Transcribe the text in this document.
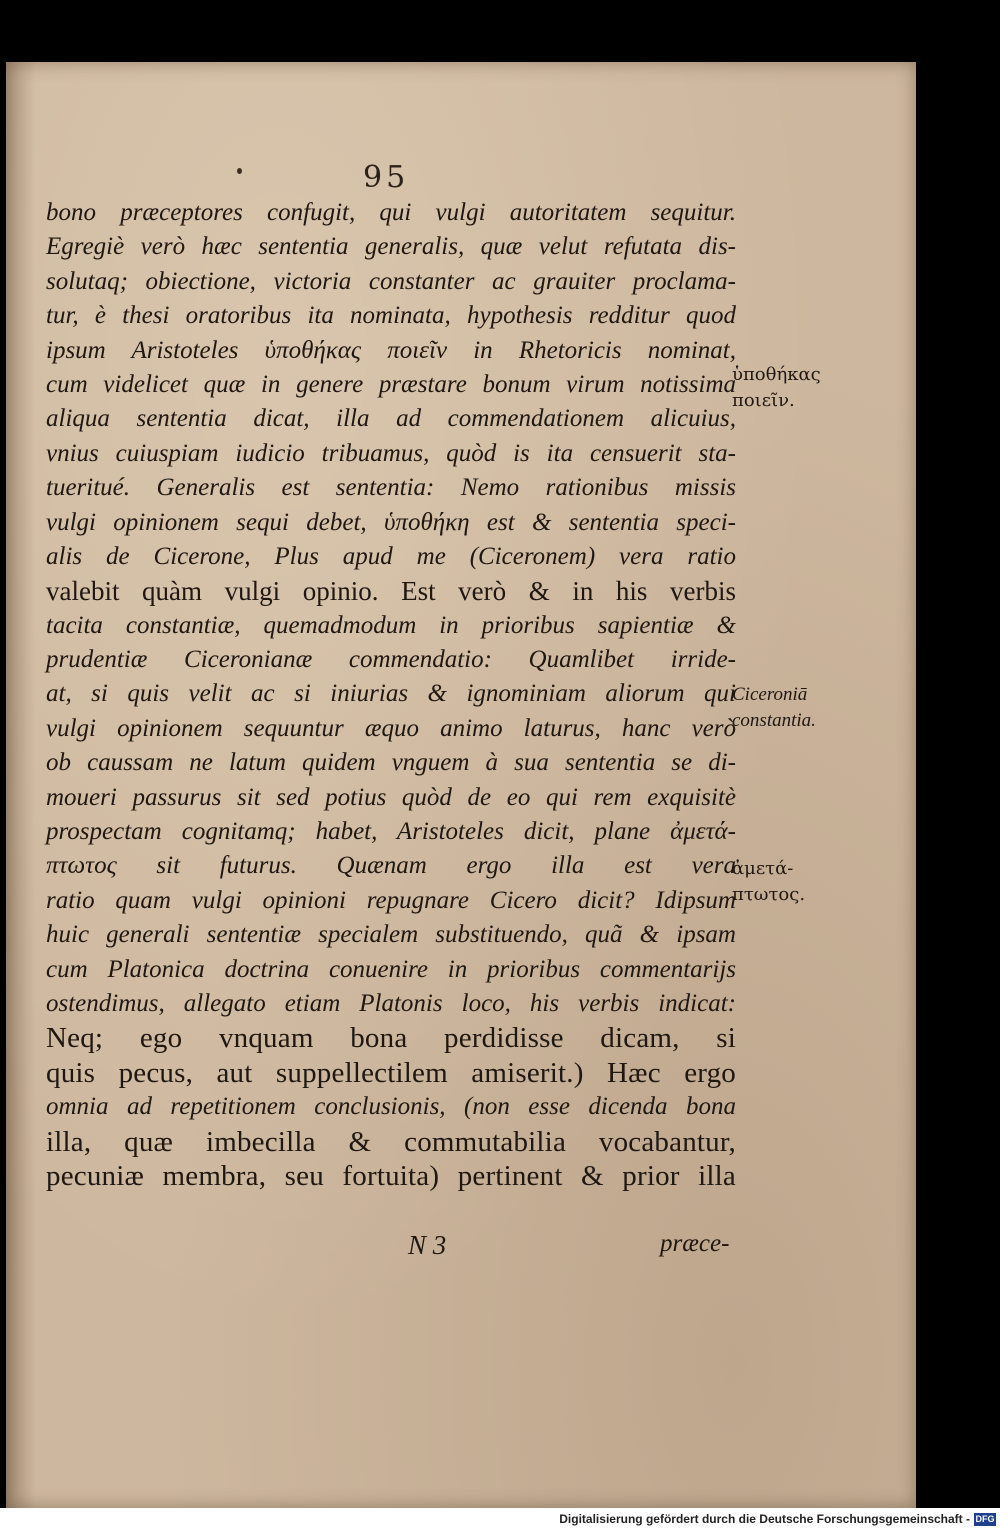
95
bono præceptores confugit, qui vulgi autoritatem sequitur.
Egregiè verò hæc sententia generalis, quæ velut refutata dis-
solutaq; obiectione, victoria constanter ac grauiter proclama-
tur, è thesi oratoribus ita nominata, hypothesis redditur quod
ipsum Aristoteles ὑποθήκας ποιεῖν in Rhetoricis nominat,
cum videlicet quæ in genere præstare bonum virum notissima
aliqua sententia dicat, illa ad commendationem alicuius,
vnius cuiuspiam iudicio tribuamus, quòd is ita censuerit sta-
tueritué. Generalis est sententia: Nemo rationibus missis
vulgi opinionem sequi debet, ὑποθήκη est & sententia speci-
alis de Cicerone, Plus apud me (Ciceronem) vera ratio
valebit quàm vulgi opinio. Est verò & in his verbis
tacita constantiæ, quemadmodum in prioribus sapientiæ &
prudentiæ Ciceronianæ commendatio: Quamlibet irride-
at, si quis velit ac si iniurias & ignominiam aliorum qui
vulgi opinionem sequuntur æquo animo laturus, hanc verò
ob caussam ne latum quidem vnguem à sua sententia se di-
moueri passurus sit sed potius quòd de eo qui rem exquisitè
prospectam cognitamq; habet, Aristoteles dicit, plane ἀμετά-
πτωτος sit futurus. Quænam ergo illa est vera
ratio quam vulgi opinioni repugnare Cicero dicit? Idipsum
huic generali sententiæ specialem substituendo, quã & ipsam
cum Platonica doctrina conuenire in prioribus commentarijs
ostendimus, allegato etiam Platonis loco, his verbis indicat:
Neq; ego vnquam bona perdidisse dicam, si
quis pecus, aut suppellectilem amiserit.) Hæc ergo
omnia ad repetitionem conclusionis, (non esse dicenda bona
illa, quæ imbecilla & commutabilia vocabantur,
pecuniæ membra, seu fortuita) pertinent & prior illa
N 3	præce-
ὑποθήκας
ποιεῖν.
Ciceroniā
constantia.
ἀμετά-
πτωτος.
Digitalisierung gefördert durch die Deutsche Forschungsgemeinschaft - DFG
